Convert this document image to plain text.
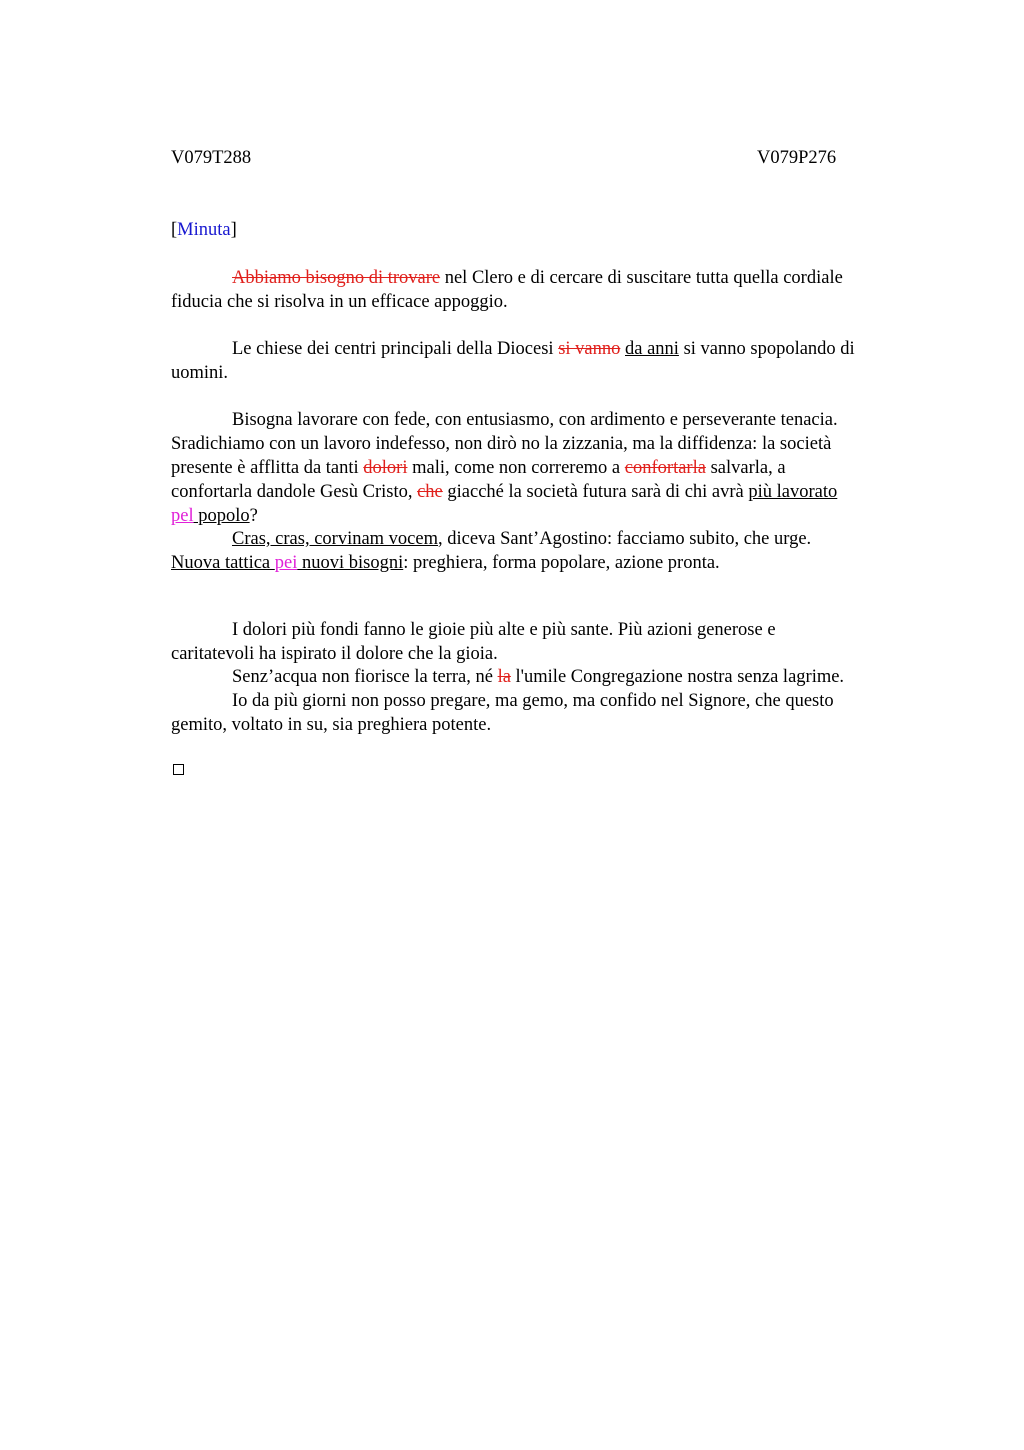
V079T288	V079P276
[Minuta]
Abbiamo bisogno di trovare nel Clero e di cercare di suscitare tutta quella cordiale
fiducia che si risolva in un efficace appoggio.
Le chiese dei centri principali della Diocesi si vanno da anni si vanno spopolando di
uomini.
Bisogna lavorare con fede, con entusiasmo, con ardimento e perseverante tenacia.
Sradichiamo con un lavoro indefesso, non dirò no la zizzania, ma la diffidenza: la società
presente è afflitta da tanti dolori mali, come non correremo a confortarla salvarla, a
confortarla dandole Gesù Cristo, che giacché la società futura sarà di chi avrà più lavorato
pel popolo?
Cras, cras, corvinam vocem, diceva Sant’Agostino: facciamo subito, che urge.
Nuova tattica pei nuovi bisogni: preghiera, forma popolare, azione pronta.
I dolori più fondi fanno le gioie più alte e più sante. Più azioni generose e
caritatevoli ha ispirato il dolore che la gioia.
Senz’acqua non fiorisce la terra, né la l'umile Congregazione nostra senza lagrime.
Io da più giorni non posso pregare, ma gemo, ma confido nel Signore, che questo
gemito, voltato in su, sia preghiera potente.
